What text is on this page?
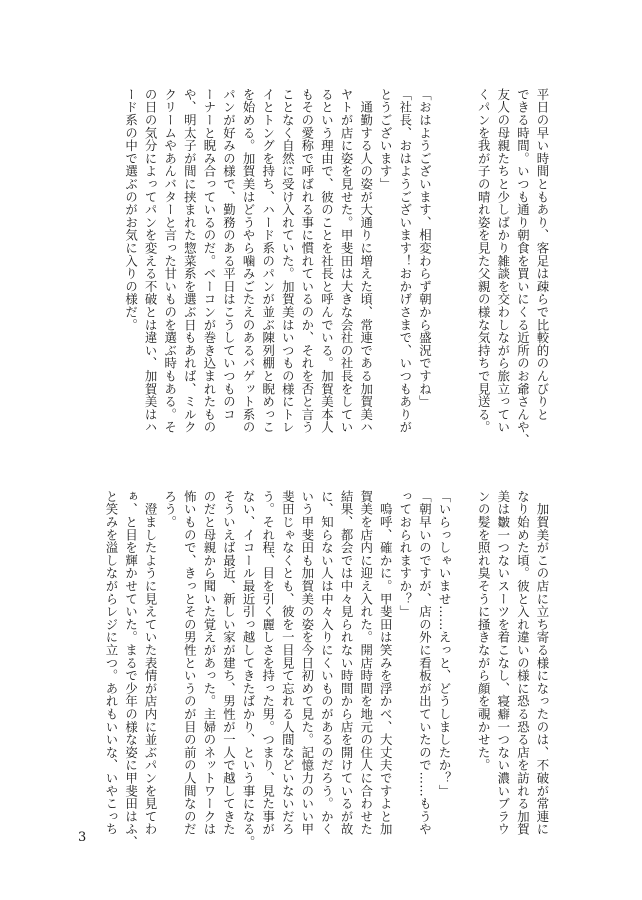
平日の早い時間ともあり、客足は疎らで比較的のんびりと
できる時間。いつも通り朝食を買いにくる近所のお爺さんや、
友人の母親たちと少しばかり雑談を交わしながら旅立ってい
くパンを我が子の晴れ姿を見た父親の様な気持ちで見送る。

「おはようございます、相変わらず朝から盛況ですね」
「社長、おはようございます！おかげさまで、いつもありが
とうございます」
　通勤する人の姿が大通りに増えた頃、常連である加賀美ハ
ヤトが店に姿を見せた。甲斐田は大きな会社の社長をしてい
るという理由で、彼のことを社長と呼んでいる。加賀美本人
もその愛称で呼ばれる事に慣れているのか、それを否と言う
ことなく自然に受け入れていた。加賀美はいつもの様にトレ
イとトングを持ち、ハード系のパンが並ぶ陳列棚と睨めっこ
を始める。加賀美はどうやら噛みごたえのあるバゲット系の
パンが好みの様で、勤務のある平日はこうしていつものコ
ーナーと睨み合っているのだ。ベーコンが巻き込まれたもの
や、明太子が間に挟まれた惣菜系を選ぶ日もあれば、ミルク
クリームやあんバターと言った甘いものを選ぶ時もある。そ
の日の気分によってパンを変える不破とは違い、加賀美はハ
ード系の中で選ぶのがお気に入りの様だ。
　加賀美がこの店に立ち寄る様になったのは、不破が常連に
なり始めた頃。彼と入れ違いの様に恐る恐る店を訪れる加賀
美は皺一つないスーツを着こなし、寝癖一つない濃いブラウ
ンの髪を照れ臭そうに掻きながら顔を覗かせた。

「いらっしゃいませ……えっと、どうしましたか？」
「朝早いのですが、店の外に看板が出ていたので……もうや
っておられますか？」
　嗚呼、確かに。甲斐田は笑みを浮かべ、大丈夫ですよと加
賀美を店内に迎え入れた。開店時間を地元の住人に合わせた
結果、都会では中々見られない時間から店を開けているが故
に、知らない人は中々入りにくいものがあるのだろう。かく
いう甲斐田も加賀美の姿を今日初めて見た。記憶力のいい甲
斐田じゃなくとも、彼を一目見て忘れる人間などいないだろ
う。それ程、目を引く麗しさを持った男。つまり、見た事が
ない、イコール最近引っ越してきたばかり、という事になる。
そういえば最近、新しい家が建ち、男性が一人で越してきた
のだと母親から聞いた覚えがあった。主婦のネットワークは
怖いもので、きっとその男性というのが目の前の人間なのだ
ろう。
　澄ましたように見えていた表情が店内に並ぶパンを見てわ
ぁ、と目を輝かせていた。まるで少年の様な姿に甲斐田はふ、
と笑みを溢しながらレジに立つ。あれもいいな、いやこっち
3
